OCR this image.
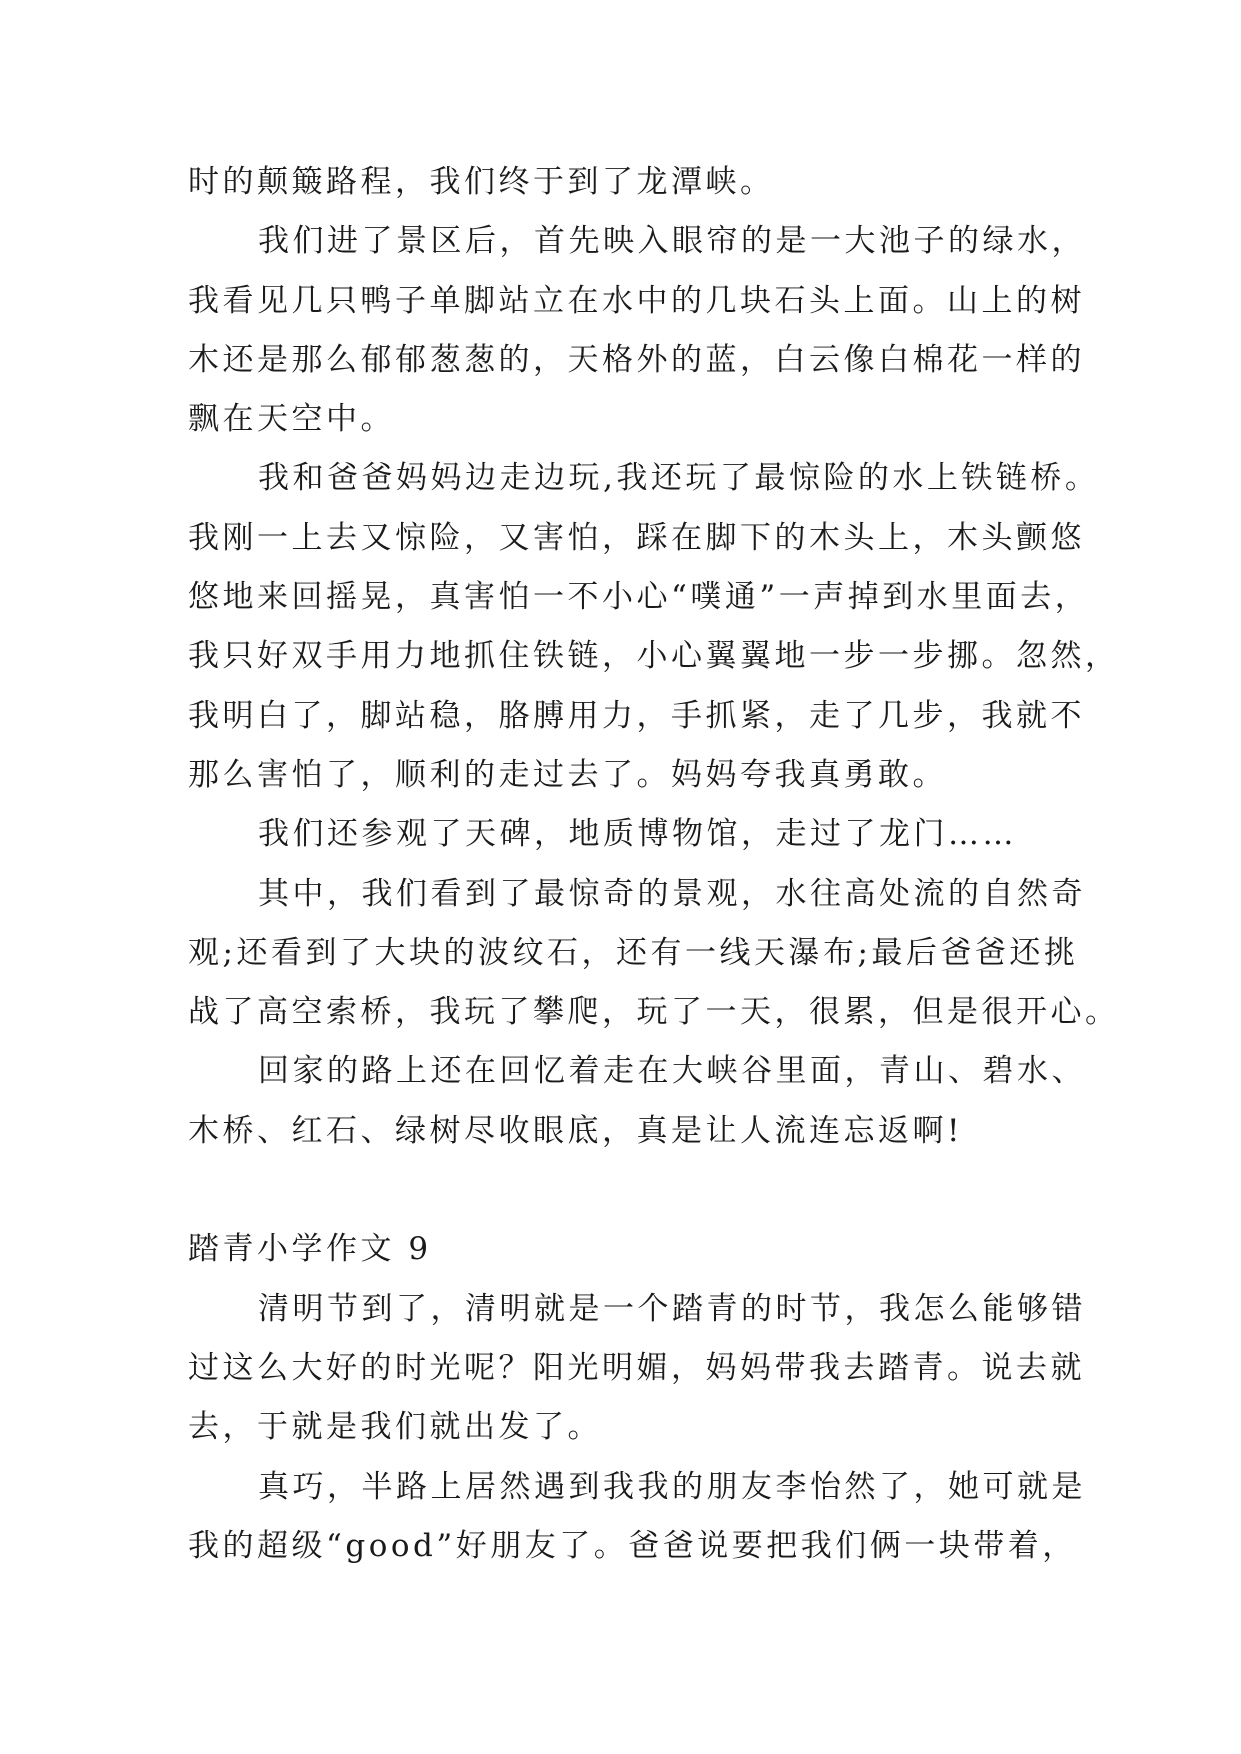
时的颠簸路程，我们终于到了龙潭峡。
我们进了景区后，首先映入眼帘的是一大池子的绿水，
我看见几只鸭子单脚站立在水中的几块石头上面。山上的树
木还是那么郁郁葱葱的，天格外的蓝，白云像白棉花一样的
飘在天空中。
我和爸爸妈妈边走边玩,我还玩了最惊险的水上铁链桥。
我刚一上去又惊险，又害怕，踩在脚下的木头上，木头颤悠
悠地来回摇晃，真害怕一不小心“噗通”一声掉到水里面去，
我只好双手用力地抓住铁链，小心翼翼地一步一步挪。忽然，
我明白了，脚站稳，胳膊用力，手抓紧，走了几步，我就不
那么害怕了，顺利的走过去了。妈妈夸我真勇敢。
我们还参观了天碑，地质博物馆，走过了龙门……
其中，我们看到了最惊奇的景观，水往高处流的自然奇
观;还看到了大块的波纹石，还有一线天瀑布;最后爸爸还挑
战了高空索桥，我玩了攀爬，玩了一天，很累，但是很开心。
回家的路上还在回忆着走在大峡谷里面，青山、碧水、
木桥、红石、绿树尽收眼底，真是让人流连忘返啊!
踏青小学作文 9
清明节到了，清明就是一个踏青的时节，我怎么能够错
过这么大好的时光呢？阳光明媚，妈妈带我去踏青。说去就
去，于就是我们就出发了。
真巧，半路上居然遇到我我的朋友李怡然了，她可就是
我的超级“good”好朋友了。爸爸说要把我们俩一块带着，
